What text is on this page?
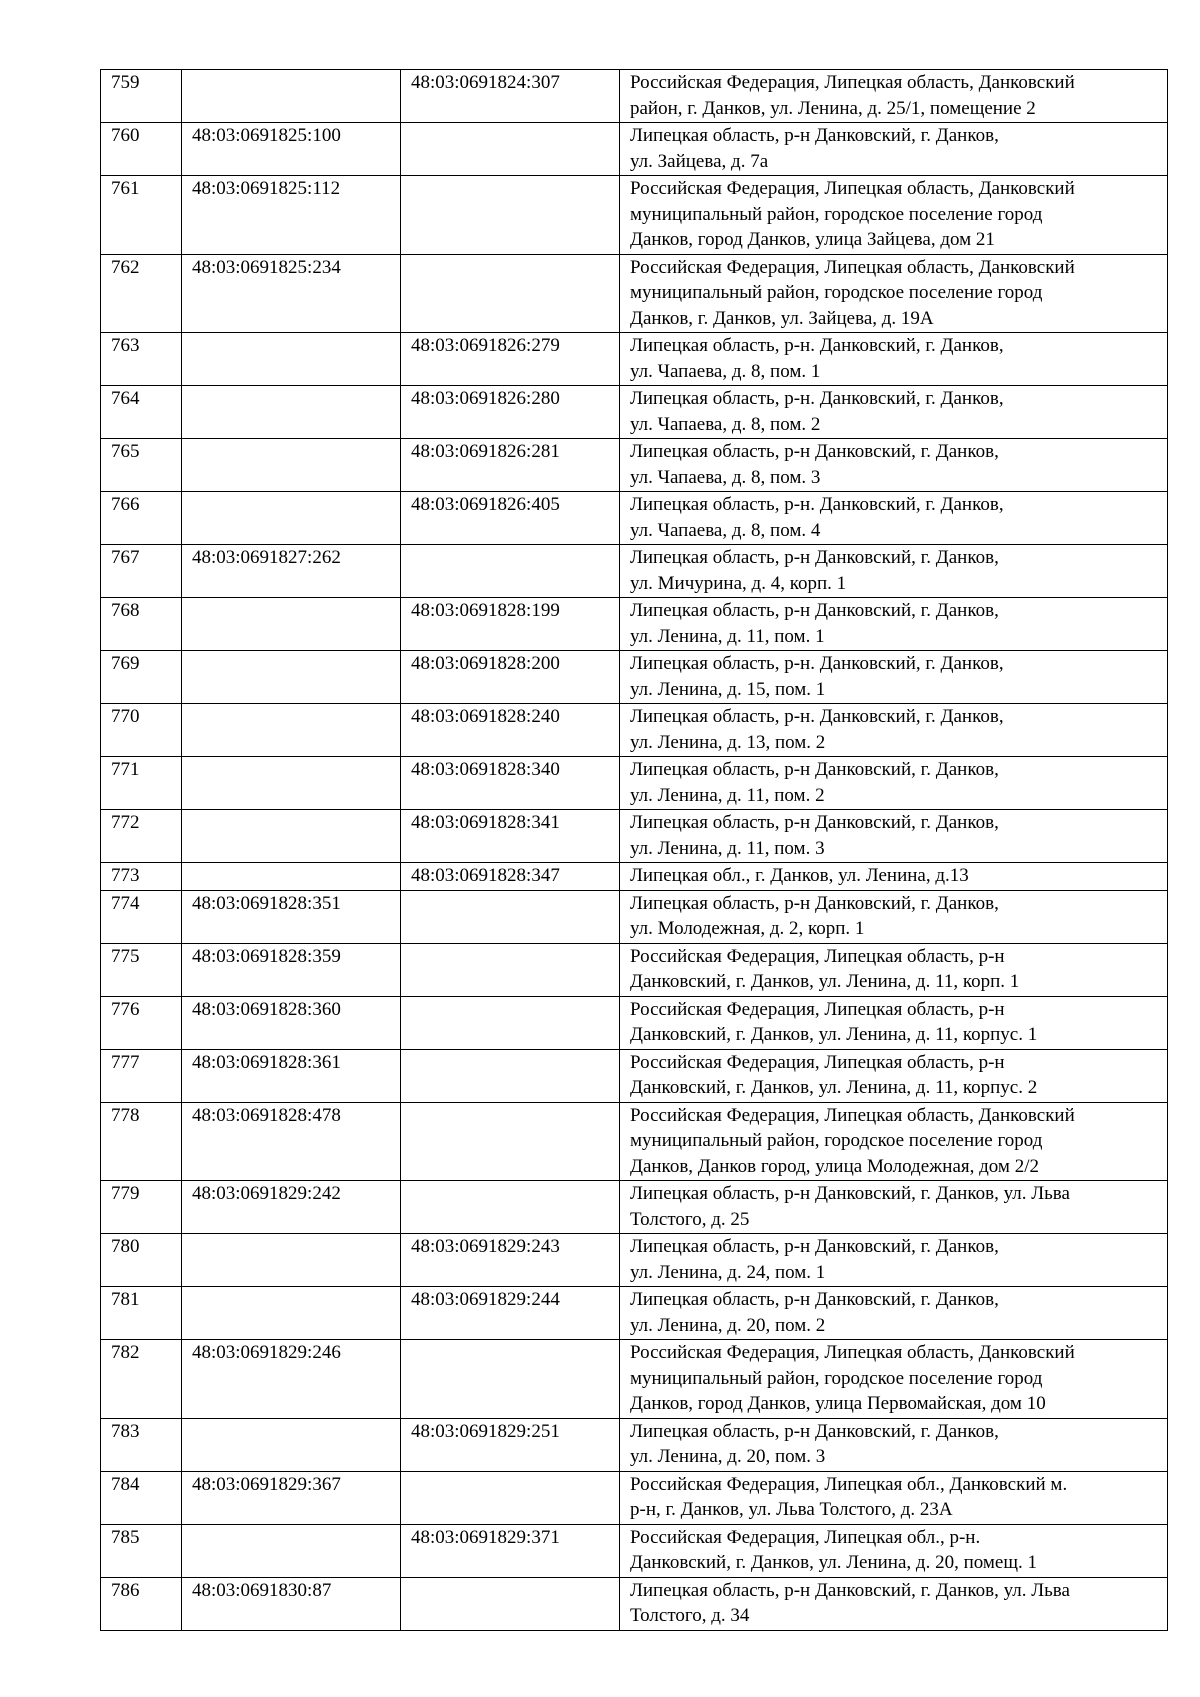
759		48:03:0691824:307	Российская Федерация, Липецкая область, Данковский
район, г. Данков, ул. Ленина, д. 25/1, помещение 2
760	48:03:0691825:100		Липецкая область, р-н Данковский, г. Данков,
ул. Зайцева, д. 7а
761	48:03:0691825:112		Российская Федерация, Липецкая область, Данковский
муниципальный район, городское поселение город
Данков, город Данков, улица Зайцева, дом 21
762	48:03:0691825:234		Российская Федерация, Липецкая область, Данковский
муниципальный район, городское поселение город
Данков, г. Данков, ул. Зайцева, д. 19А
763		48:03:0691826:279	Липецкая область, р-н. Данковский, г. Данков,
ул. Чапаева, д. 8, пом. 1
764		48:03:0691826:280	Липецкая область, р-н. Данковский, г. Данков,
ул. Чапаева, д. 8, пом. 2
765		48:03:0691826:281	Липецкая область, р-н Данковский, г. Данков,
ул. Чапаева, д. 8, пом. 3
766		48:03:0691826:405	Липецкая область, р-н. Данковский, г. Данков,
ул. Чапаева, д. 8, пом. 4
767	48:03:0691827:262		Липецкая область, р-н Данковский, г. Данков,
ул. Мичурина, д. 4, корп. 1
768		48:03:0691828:199	Липецкая область, р-н Данковский, г. Данков,
ул. Ленина, д. 11, пом. 1
769		48:03:0691828:200	Липецкая область, р-н. Данковский, г. Данков,
ул. Ленина, д. 15, пом. 1
770		48:03:0691828:240	Липецкая область, р-н. Данковский, г. Данков,
ул. Ленина, д. 13, пом. 2
771		48:03:0691828:340	Липецкая область, р-н Данковский, г. Данков,
ул. Ленина, д. 11, пом. 2
772		48:03:0691828:341	Липецкая область, р-н Данковский, г. Данков,
ул. Ленина, д. 11, пом. 3
773		48:03:0691828:347	Липецкая обл., г. Данков, ул. Ленина, д.13
774	48:03:0691828:351		Липецкая область, р-н Данковский, г. Данков,
ул. Молодежная, д. 2, корп. 1
775	48:03:0691828:359		Российская Федерация, Липецкая область, р-н
Данковский, г. Данков, ул. Ленина, д. 11, корп. 1
776	48:03:0691828:360		Российская Федерация, Липецкая область, р-н
Данковский, г. Данков, ул. Ленина, д. 11, корпус. 1
777	48:03:0691828:361		Российская Федерация, Липецкая область, р-н
Данковский, г. Данков, ул. Ленина, д. 11, корпус. 2
778	48:03:0691828:478		Российская Федерация, Липецкая область, Данковский
муниципальный район, городское поселение город
Данков, Данков город, улица Молодежная, дом 2/2
779	48:03:0691829:242		Липецкая область, р-н Данковский, г. Данков, ул. Льва
Толстого, д. 25
780		48:03:0691829:243	Липецкая область, р-н Данковский, г. Данков,
ул. Ленина, д. 24, пом. 1
781		48:03:0691829:244	Липецкая область, р-н Данковский, г. Данков,
ул. Ленина, д. 20, пом. 2
782	48:03:0691829:246		Российская Федерация, Липецкая область, Данковский
муниципальный район, городское поселение город
Данков, город Данков, улица Первомайская, дом 10
783		48:03:0691829:251	Липецкая область, р-н Данковский, г. Данков,
ул. Ленина, д. 20, пом. 3
784	48:03:0691829:367		Российская Федерация, Липецкая обл., Данковский м.
р-н, г. Данков, ул. Льва Толстого, д. 23А
785		48:03:0691829:371	Российская Федерация, Липецкая обл., р-н.
Данковский, г. Данков, ул. Ленина, д. 20, помещ. 1
786	48:03:0691830:87		Липецкая область, р-н Данковский, г. Данков, ул. Льва
Толстого, д. 34
